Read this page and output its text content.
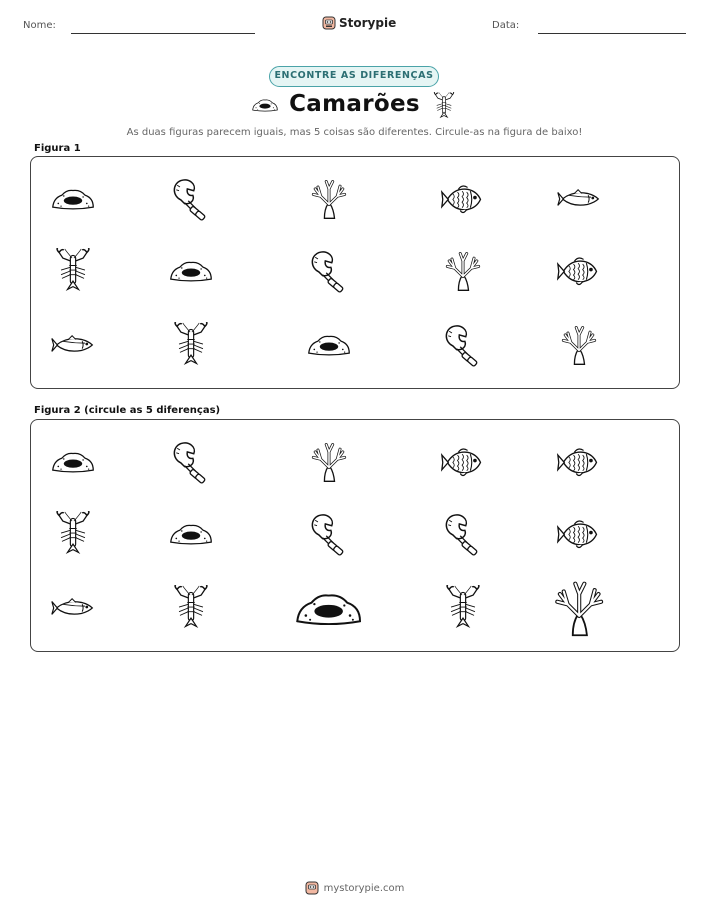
Nome:	Storypie	Data:
ENCONTRE AS DIFERENÇAS
Camarões
As duas figuras parecem iguais, mas 5 coisas são diferentes. Circule-as na figura de baixo!
Figura 1
Figura 2 (circule as 5 diferenças)
mystorypie.com
